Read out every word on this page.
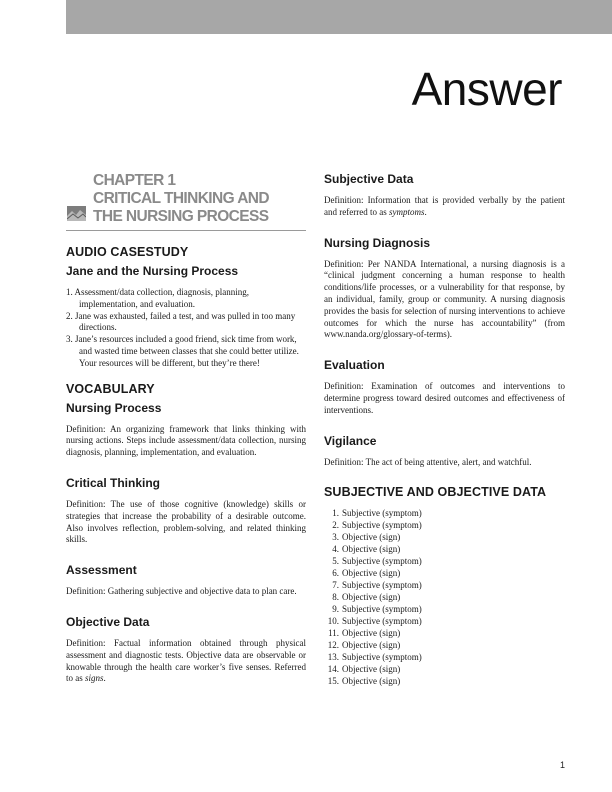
Answer
CHAPTER 1
CRITICAL THINKING AND
THE NURSING PROCESS
AUDIO CASESTUDY
Jane and the Nursing Process
1. Assessment/data collection, diagnosis, planning, implementation, and evaluation.
2. Jane was exhausted, failed a test, and was pulled in too many directions.
3. Jane’s resources included a good friend, sick time from work, and wasted time between classes that she could better utilize. Your resources will be different, but they’re there!
VOCABULARY
Nursing Process

Definition: An organizing framework that links thinking with nursing actions. Steps include assessment/data collection, nursing diagnosis, planning, implementation, and evaluation.

Critical Thinking

Definition: The use of those cognitive (knowledge) skills or strategies that increase the probability of a desirable outcome. Also involves reflection, problem-solving, and related thinking skills.

Assessment

Definition: Gathering subjective and objective data to plan care.

Objective Data

Definition: Factual information obtained through physical assessment and diagnostic tests. Objective data are observable or knowable through the health care worker’s five senses. Referred to as signs.

Subjective Data

Definition: Information that is provided verbally by the patient and referred to as symptoms.

Nursing Diagnosis

Definition: Per NANDA International, a nursing diagnosis is a “clinical judgment concerning a human response to health conditions/life processes, or a vulnerability for that response, by an individual, family, group or community. A nursing diagnosis provides the basis for selection of nursing interventions to achieve outcomes for which the nurse has accountability” (from www.nanda.org/glossary-of-terms).

Evaluation

Definition: Examination of outcomes and interventions to determine progress toward desired outcomes and effectiveness of interventions.

Vigilance

Definition: The act of being attentive, alert, and watchful.

SUBJECTIVE AND OBJECTIVE DATA
1. Subjective (symptom)
2. Subjective (symptom)
3. Objective (sign)
4. Objective (sign)
5. Subjective (symptom)
6. Objective (sign)
7. Subjective (symptom)
8. Objective (sign)
9. Subjective (symptom)
10. Subjective (symptom)
11. Objective (sign)
12. Objective (sign)
13. Subjective (symptom)
14. Objective (sign)
15. Objective (sign)
1
